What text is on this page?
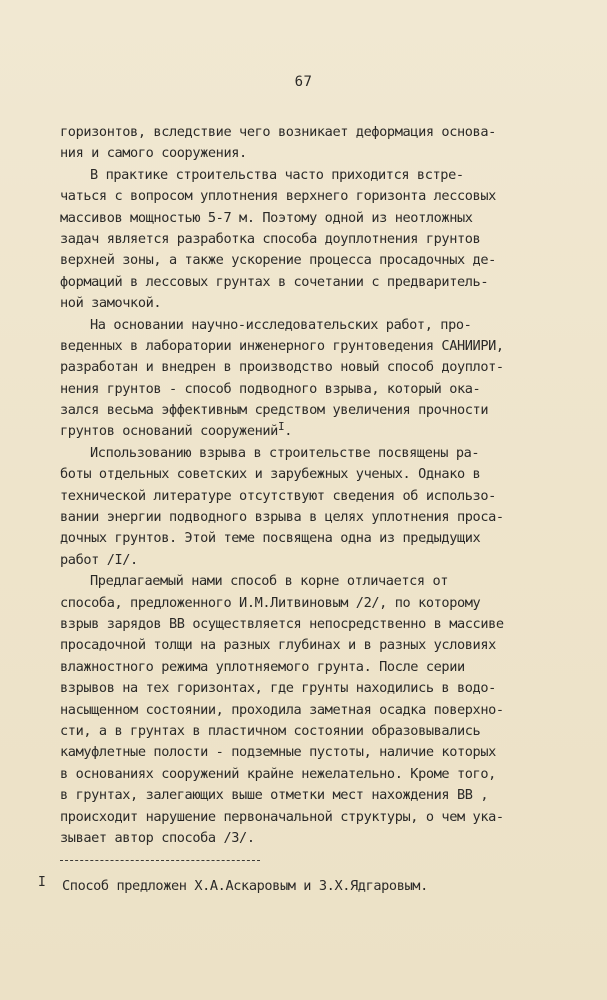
67
горизонтов, вследствие чего возникает деформация основа-
ния и самого сооружения.
В практике строительства часто приходится встре-
чаться с вопросом уплотнения верхнего горизонта лессовых
массивов мощностью 5-7 м. Поэтому одной из неотложных
задач является разработка способа доуплотнения грунтов
верхней зоны, а также ускорение процесса просадочных де-
формаций в лессовых грунтах в сочетании с предваритель-
ной замочкой.
На основании научно-исследовательских работ, про-
веденных в лаборатории инженерного грунтоведения САНИИРИ,
разработан и внедрен в производство новый способ доуплот-
нения грунтов - способ подводного взрыва, который ока-
зался весьма эффективным средством увеличения прочности
грунтов оснований сооружений$^I$.
Использованию взрыва в строительстве посвящены ра-
боты отдельных советских и зарубежных ученых. Однако в
технической литературе отсутствуют сведения об использо-
вании энергии подводного взрыва в целях уплотнения проса-
дочных грунтов. Этой теме посвящена одна из предыдущих
работ /I/.
Предлагаемый нами способ в корне отличается от
способа, предложенного И.М.Литвиновым /2/, по которому
взрыв зарядов ВВ осуществляется непосредственно в массиве
просадочной толщи на разных глубинах и в разных условиях
влажностного режима уплотняемого грунта. После серии
взрывов на тех горизонтах, где грунты находились в водо-
насыщенном состоянии, проходила заметная осадка поверхно-
сти, а в грунтах в пластичном состоянии образовывались
камуфлетные полости - подземные пустоты, наличие которых
в основаниях сооружений крайне нежелательно. Кроме того,
в грунтах, залегающих выше отметки мест нахождения ВВ ,
происходит нарушение первоначальной структуры, о чем ука-
зывает автор способа /3/.
I Способ предложен Х.А.Аскаровым и З.Х.Ядгаровым.
